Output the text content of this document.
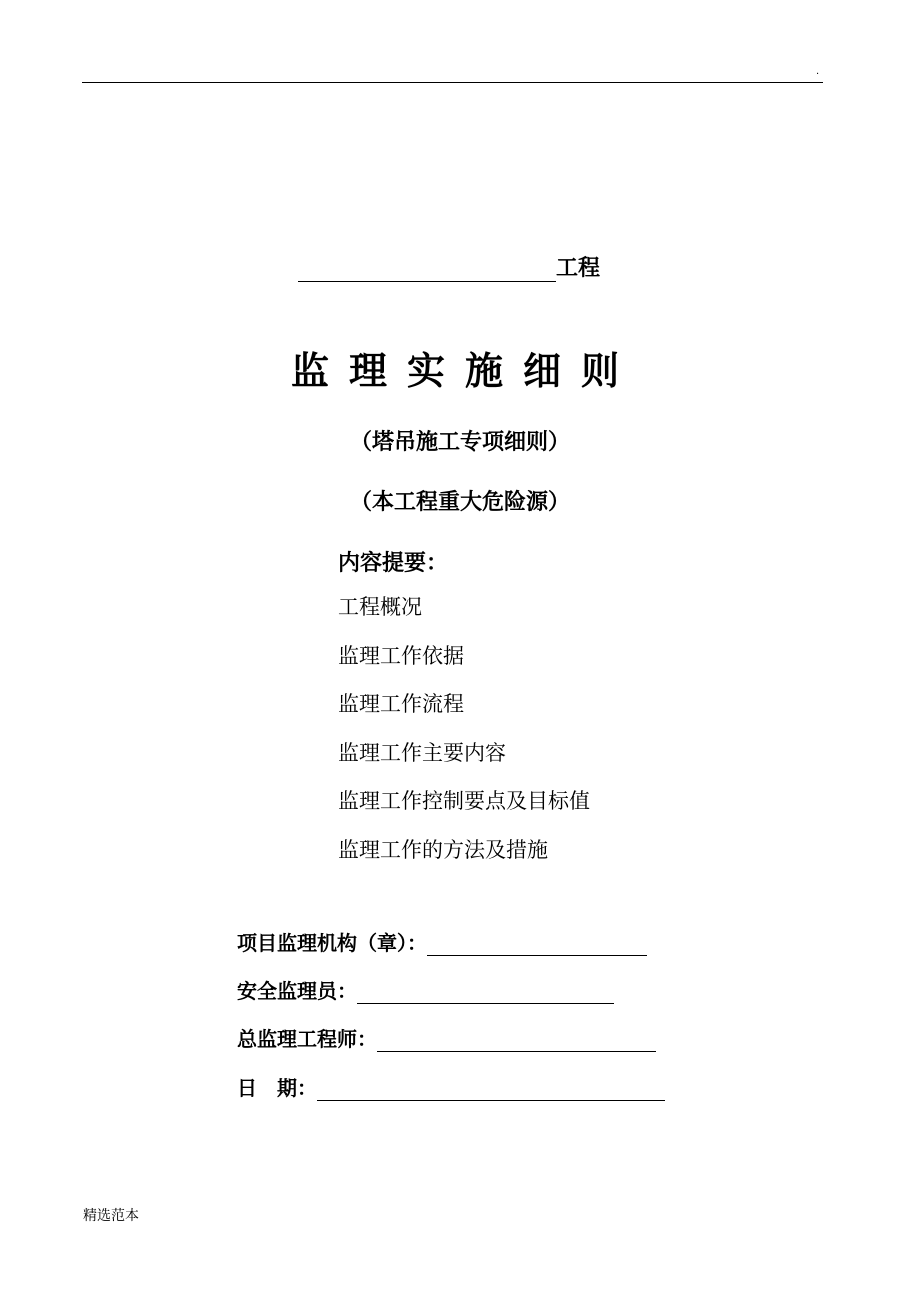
.
工程
监理实施细则
（塔吊施工专项细则）
（本工程重大危险源）
内容提要：
工程概况
监理工作依据
监理工作流程
监理工作主要内容
监理工作控制要点及目标值
监理工作的方法及措施
项目监理机构（章）：
安全监理员：
总监理工程师：
日　期：
精选范本
